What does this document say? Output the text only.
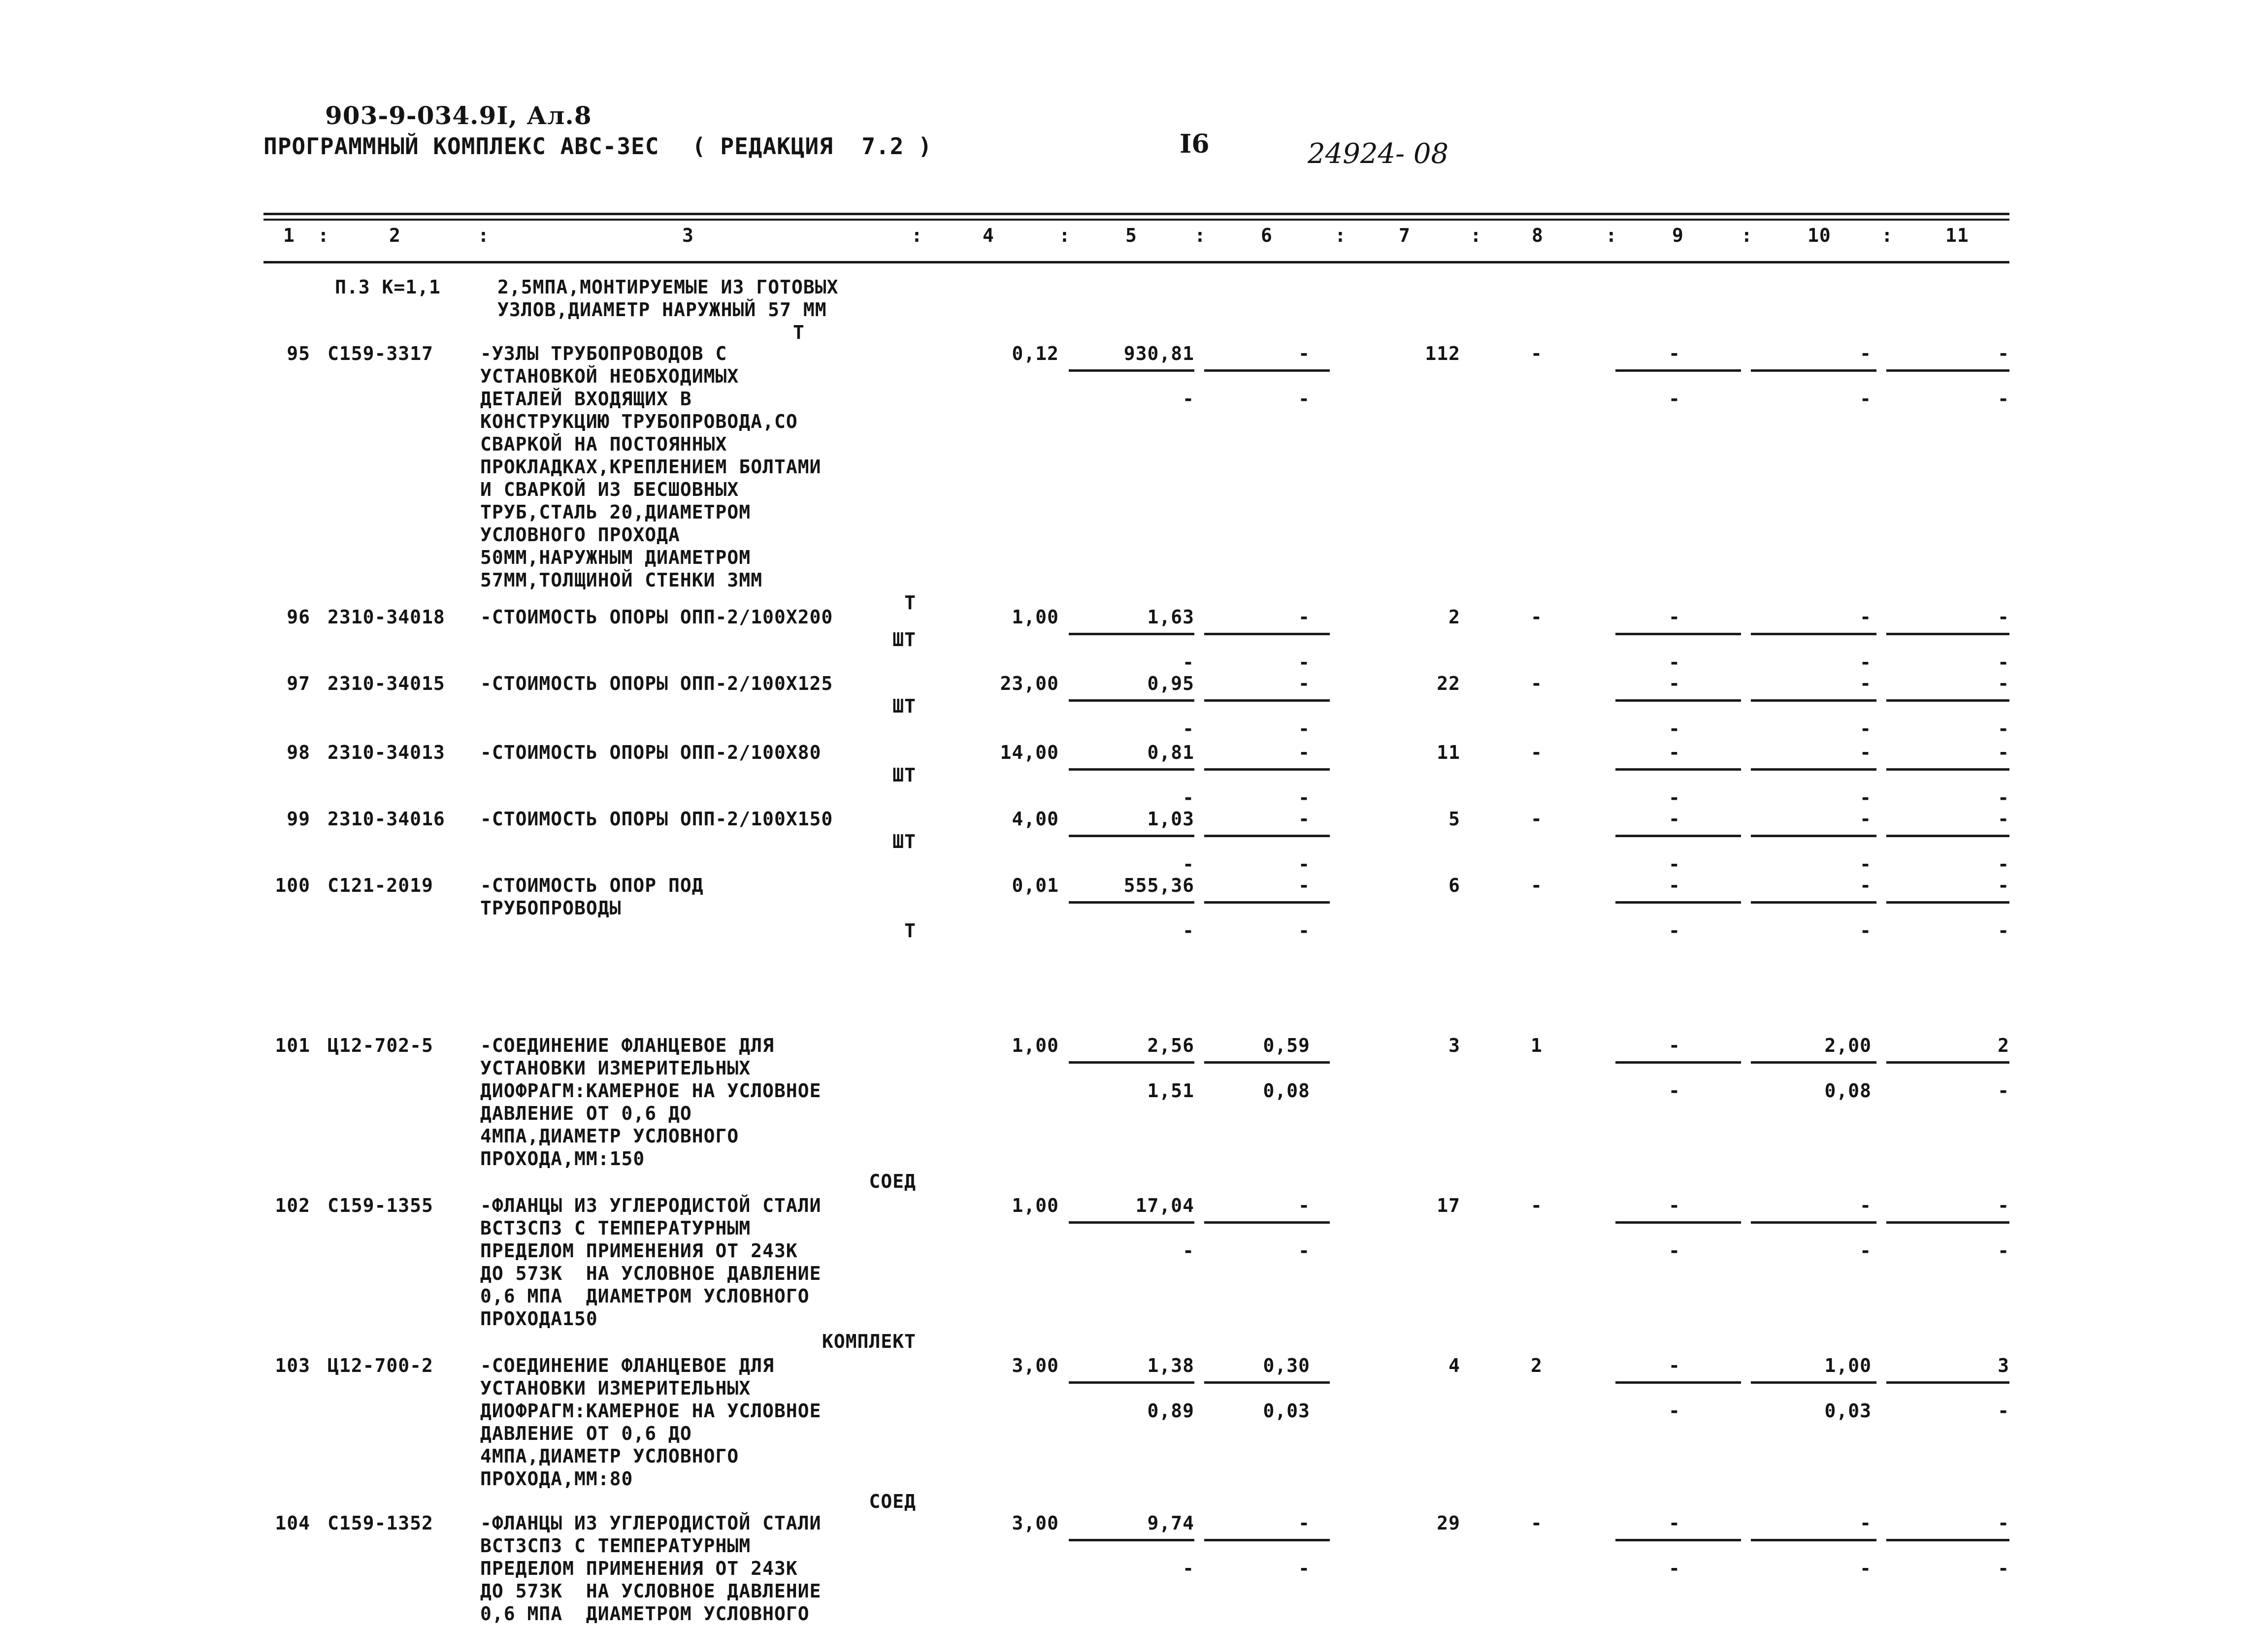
903-9-034.9I, Ал.8
ПРОГРАММНЫЙ КОМПЛЕКС АВС-3ЕС ( РЕДАКЦИЯ  7.2 )	I6	24924- 08
1	2	3	4	5	6	7	8	9	10	11
:	:	:	:	:	:	:	:	:	:
П.3 К=1,1	2,5МПА,МОНТИРУЕМЫЕ ИЗ ГОТОВЫХ
УЗЛОВ,ДИАМЕТР НАРУЖНЫЙ 57 ММ
Т
95 С159-3317	-УЗЛЫ ТРУБОПРОВОДОВ С
УСТАНОВКОЙ НЕОБХОДИМЫХ
ДЕТАЛЕЙ ВХОДЯЩИХ В
КОНСТРУКЦИЮ ТРУБОПРОВОДА,СО
СВАРКОЙ НА ПОСТОЯННЫХ
ПРОКЛАДКАХ,КРЕПЛЕНИЕМ БОЛТАМИ
И СВАРКОЙ ИЗ БЕСШОВНЫХ
ТРУБ,СТАЛЬ 20,ДИАМЕТРОМ
УСЛОВНОГО ПРОХОДА
50ММ,НАРУЖНЫМ ДИАМЕТРОМ
57ММ,ТОЛЩИНОЙ СТЕНКИ 3ММ
Т
0,12	930,81	-	112	-	-	-	-
-	-	-	-	-
96 2310-34018 -СТОИМОСТЬ ОПОРЫ ОПП-2/100Х200
ШТ
1,00	1,63	-	2	-	-	-	-
-	-	-	-	-
97 2310-34015 -СТОИМОСТЬ ОПОРЫ ОПП-2/100Х125
ШТ
23,00	0,95	-	22	-	-	-	-
-	-	-	-	-
98 2310-34013 -СТОИМОСТЬ ОПОРЫ ОПП-2/100Х80
ШТ
14,00	0,81	-	11	-	-	-	-
-	-	-	-	-
99 2310-34016 -СТОИМОСТЬ ОПОРЫ ОПП-2/100Х150
ШТ
4,00	1,03	-	5	-	-	-	-
-	-	-	-	-
100 С121-2019	-СТОИМОСТЬ ОПОР ПОД
ТРУБОПРОВОДЫ
Т
0,01	555,36	-	6	-	-	-	-
-	-	-	-	-
101 Ц12-702-5	-СОЕДИНЕНИЕ ФЛАНЦЕВОЕ ДЛЯ
УСТАНОВКИ ИЗМЕРИТЕЛЬНЫХ
ДИОФРАГМ:КАМЕРНОЕ НА УСЛОВНОЕ
ДАВЛЕНИЕ ОТ 0,6 ДО
4МПА,ДИАМЕТР УСЛОВНОГО
ПРОХОДА,ММ:150
СОЕД
1,00	2,56	0,59	3	1	-	2,00	2
1,51	0,08	-	0,08	-
102 С159-1355	-ФЛАНЦЫ ИЗ УГЛЕРОДИСТОЙ СТАЛИ
ВСТ3СП3 С ТЕМПЕРАТУРНЫМ
ПРЕДЕЛОМ ПРИМЕНЕНИЯ ОТ 243К
ДО 573К  НА УСЛОВНОЕ ДАВЛЕНИЕ
0,6 МПА  ДИАМЕТРОМ УСЛОВНОГО
ПРОХОДА150
КОМПЛЕКТ
1,00	17,04	-	17	-	-	-	-
-	-	-	-	-
103 Ц12-700-2	-СОЕДИНЕНИЕ ФЛАНЦЕВОЕ ДЛЯ
УСТАНОВКИ ИЗМЕРИТЕЛЬНЫХ
ДИОФРАГМ:КАМЕРНОЕ НА УСЛОВНОЕ
ДАВЛЕНИЕ ОТ 0,6 ДО
4МПА,ДИАМЕТР УСЛОВНОГО
ПРОХОДА,ММ:80
СОЕД
3,00	1,38	0,30	4	2	-	1,00	3
0,89	0,03	-	0,03	-
104 С159-1352	-ФЛАНЦЫ ИЗ УГЛЕРОДИСТОЙ СТАЛИ
ВСТ3СП3 С ТЕМПЕРАТУРНЫМ
ПРЕДЕЛОМ ПРИМЕНЕНИЯ ОТ 243К
ДО 573К  НА УСЛОВНОЕ ДАВЛЕНИЕ
0,6 МПА  ДИАМЕТРОМ УСЛОВНОГО
3,00	9,74	-	29	-	-	-	-
-	-	-	-	-
